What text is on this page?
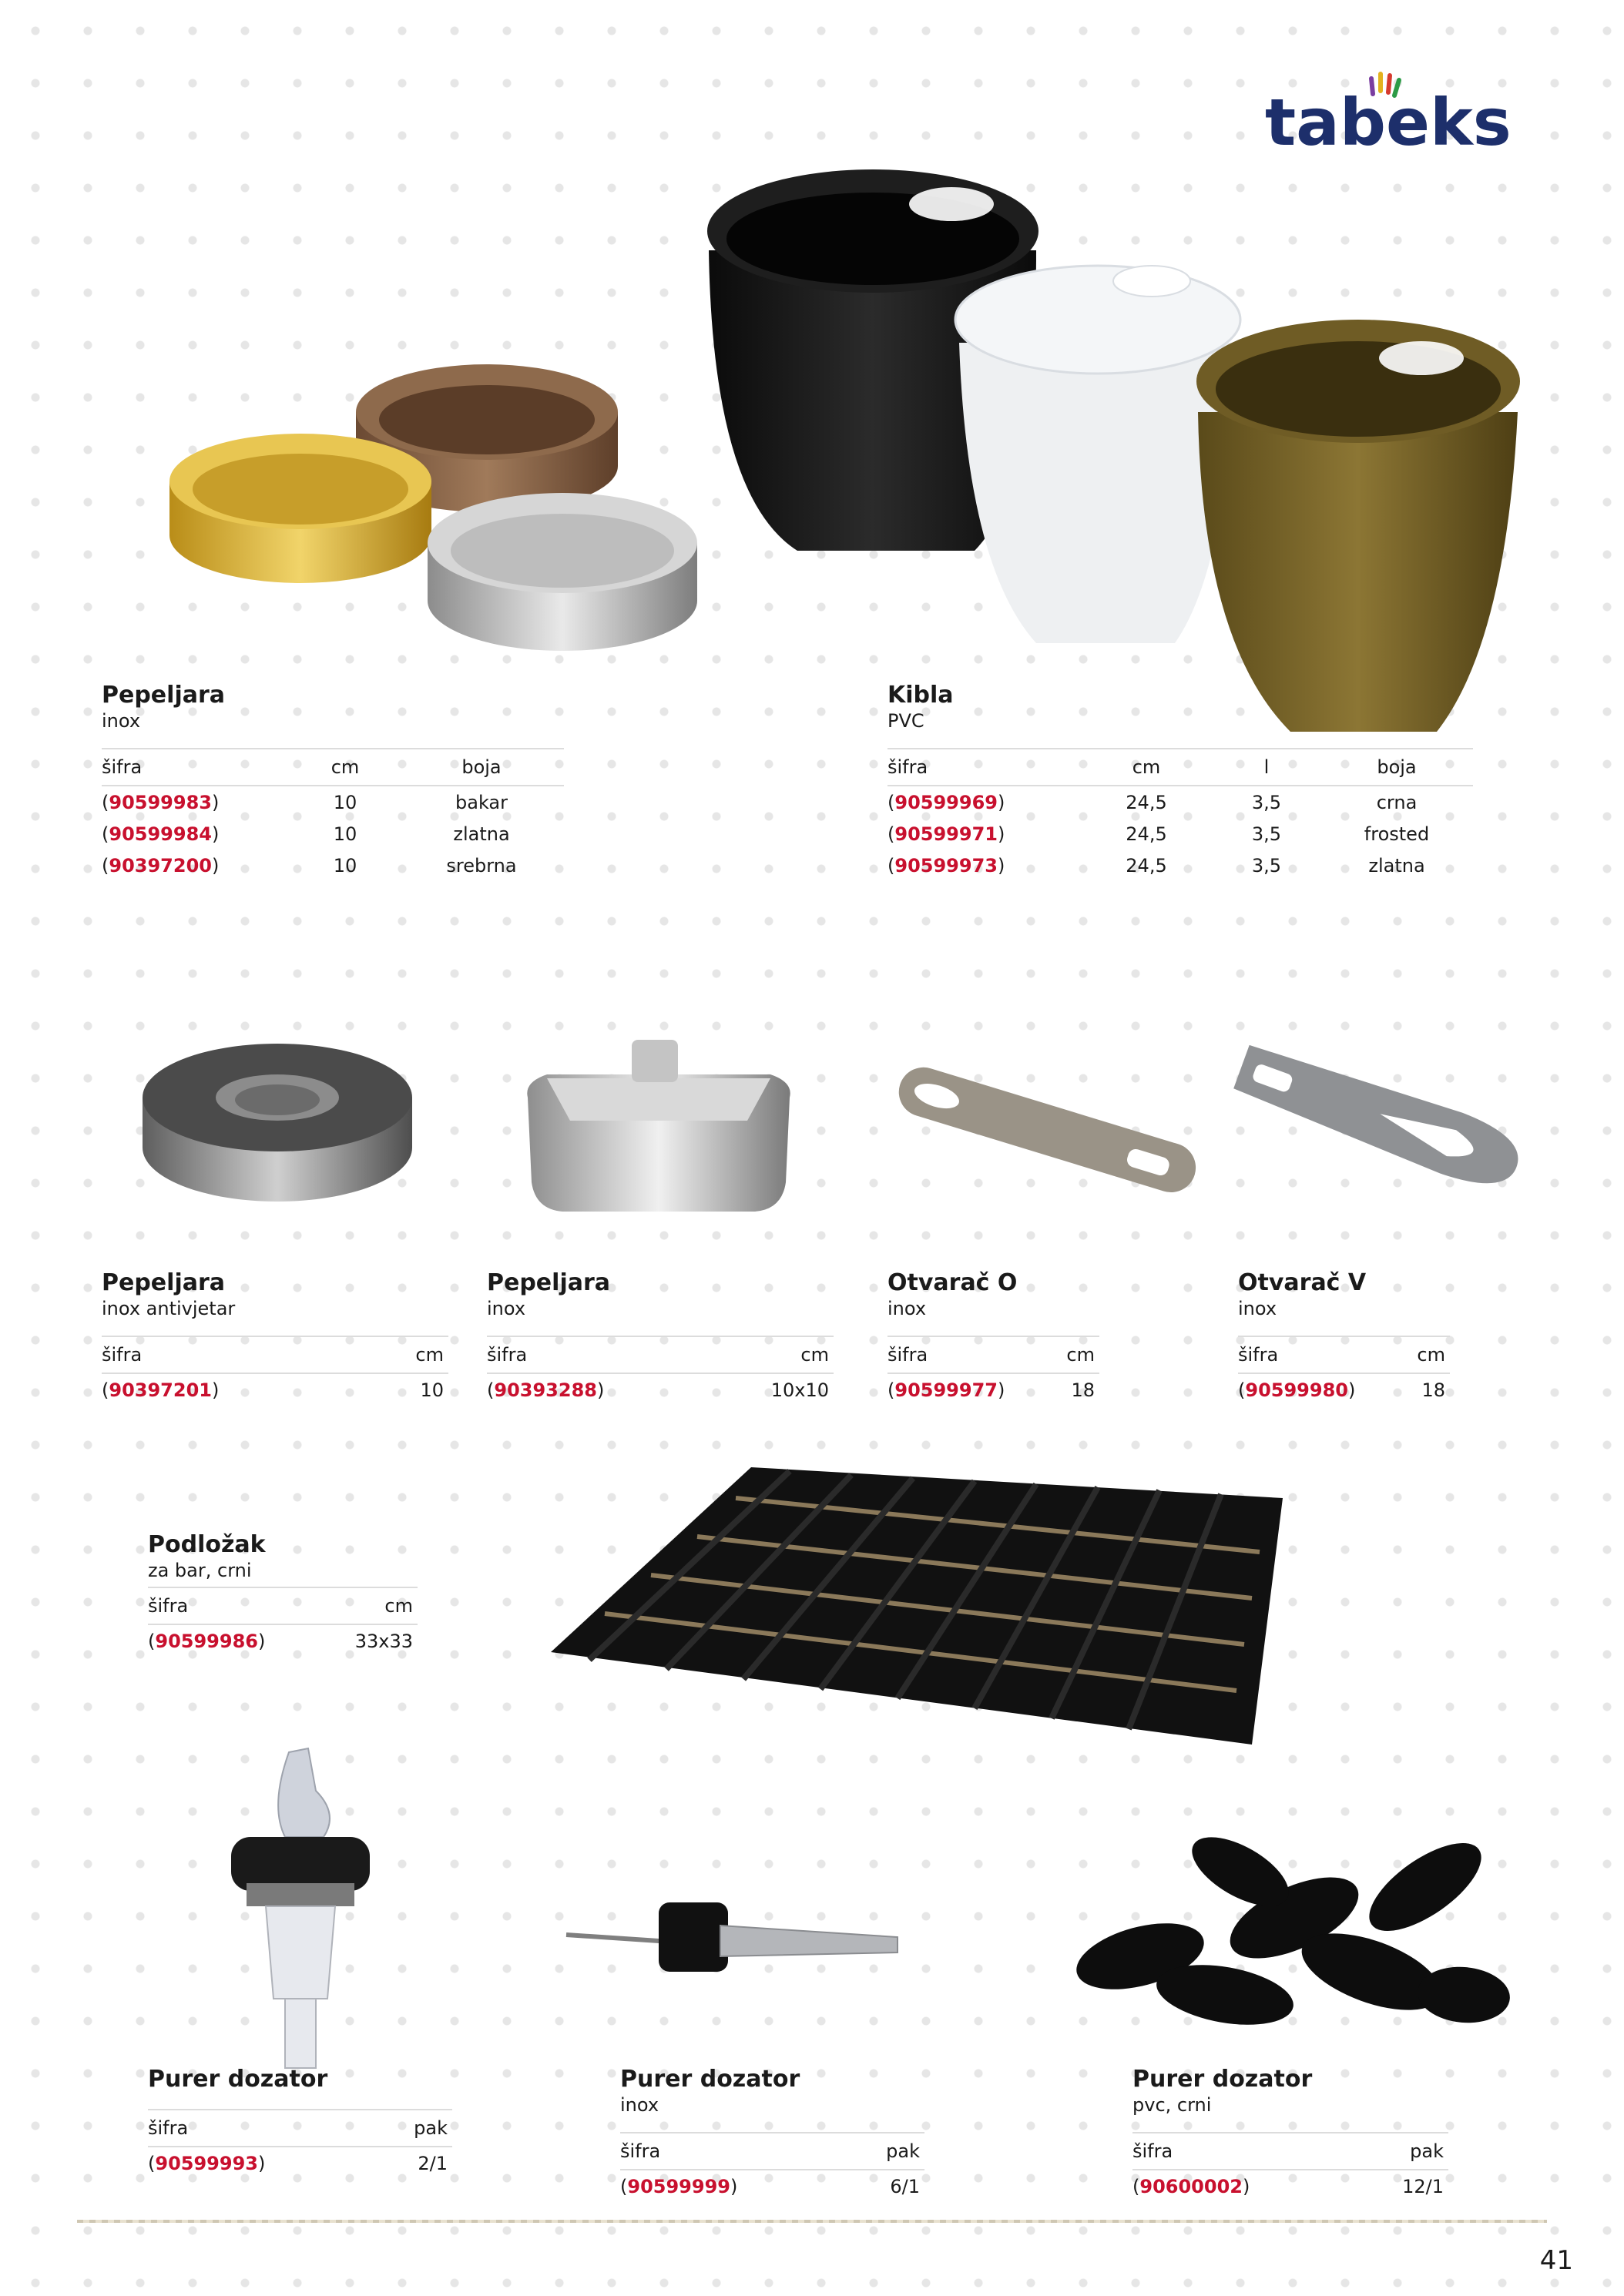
tabeks
Pepeljara
inox
šifra	cm	boja
(90599983)	10	bakar
(90599984)	10	zlatna
(90397200)	10	srebrna
Kibla
PVC
šifra	cm	l	boja
(90599969)	24,5	3,5	crna
(90599971)	24,5	3,5	frosted
(90599973)	24,5	3,5	zlatna
Pepeljara
inox antivjetar
šifra	cm
(90397201)	10
Pepeljara
inox
šifra	cm
(90393288)	10x10
Otvarač O
inox
šifra	cm
(90599977)	18
Otvarač V
inox
šifra	cm
(90599980)	18
Podložak
za bar, crni
šifra	cm
(90599986)	33x33
Purer dozator
šifra	pak
(90599993)	2/1
Purer dozator
inox
šifra	pak
(90599999)	6/1
Purer dozator
pvc, crni
šifra	pak
(90600002)	12/1
41
